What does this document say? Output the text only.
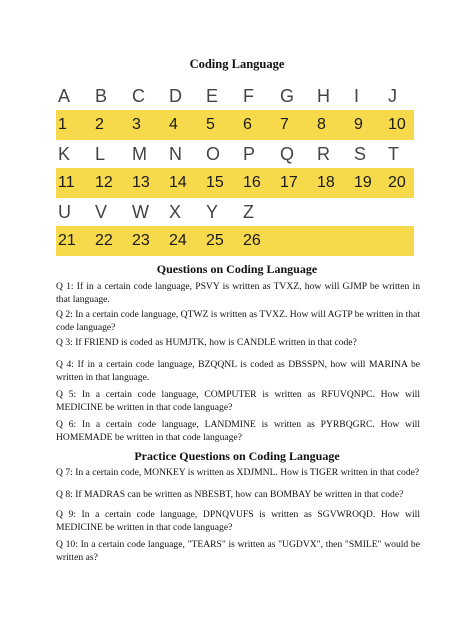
Coding Language
A B C D E F G H I J
1 2 3 4 5 6 7 8 9 10
K L M N O P Q R S T
11 12 13 14 15 16 17 18 19 20
U V W X Y Z
21 22 23 24 25 26
Questions on Coding Language
Q 1: If in a certain code language, PSVY is written as TVXZ, how will GJMP be written in that language.
Q 2: In a certain code language, QTWZ is written as TVXZ. How will AGTP be written in that code language?
Q 3: If FRIEND is coded as HUMJTK, how is CANDLE written in that code?
Q 4: If in a certain code language, BZQQNL is coded as DBSSPN, how will MARINA be written in that language.
Q 5: In a certain code language, COMPUTER is written as RFUVQNPC. How will MEDICINE be written in that code language?
Q 6: In a certain code language, LANDMINE is written as PYRBQGRC. How will HOMEMADE be written in that code language?
Practice Questions on Coding Language
Q 7: In a certain code, MONKEY is written as XDJMNL. How is TIGER written in that code?
Q 8: If MADRAS can be written as NBESBT, how can BOMBAY be written in that code?
Q 9: In a certain code language, DPNQVUFS is written as SGVWROQD. How will MEDICINE be written in that code language?
Q 10: In a certain code language, "TEARS" is written as "UGDVX", then "SMILE" would be written as?
